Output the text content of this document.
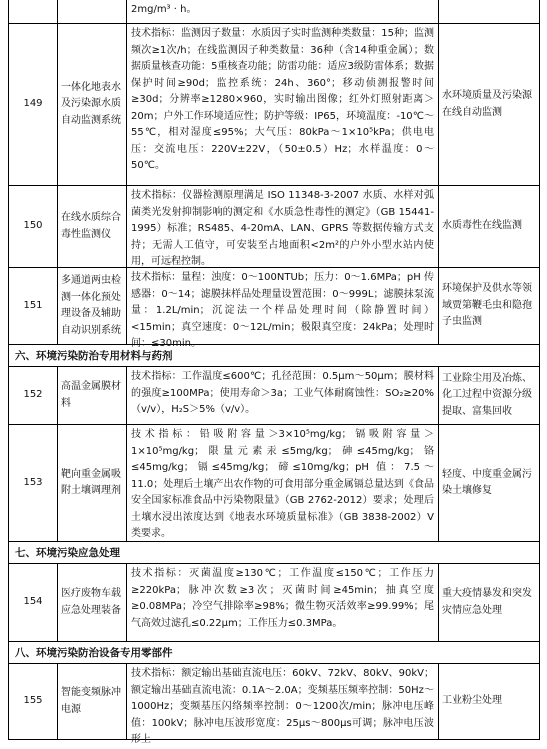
2mg/m³ · h。
149
一体化地表水及污染源水质自动监测系统
技术指标：监测因子数量：水质因子实时监测种类数量：15种；监测频次≥1次/h；在线监测因子种类数量：36种（含14种重金属）；数据质量核查功能：5重核查功能；防雷功能：适应3级防雷体系；数据保护时间≥90d；监控系统：24h、360°；移动侦测报警时间≥30d；分辨率≥1280×960，实时输出图像；红外灯照射距离＞20m；户外工作环境适应性；防护等级：IP65，环境温度：-10℃～55℃，相对湿度≤95%；大气压：80kPa～1×10⁵kPa；供电电压：交流电压：220V±22V，（50±0.5）Hz；水样温度：0～50℃。
水环境质量及污染源在线自动监测
150
在线水质综合毒性监测仪
技术指标：仪器检测原理满足 ISO 11348-3-2007 水质、水样对弧菌类光发射抑制影响的测定和《水质急性毒性的测定》（GB 15441-1995）标准；RS485、4-20mA、LAN、GPRS 等数据传输方式支持；无需人工值守，可安装至占地面积<2m²的户外小型水站内使用，可远程控制。
水质毒性在线监测
151
多通道两虫检测一体化预处理设备及辅助自动识别系统
技术指标：量程：浊度：0～100NTUb；压力：0～1.6MPa；pH 传感器：0～14；滤膜抹样品处理量设置范围：0～999L；滤膜抹泵流量：1.2L/min；沉淀法一个样品处理时间（除静置时间）<15min；真空速度：0～12L/min；极限真空度：24kPa；处理时间：≤30min。
环境保护及供水等领域贾第鞭毛虫和隐孢子虫监测
六、环境污染防治专用材料与药剂
152
高温金属膜材料
技术指标：工作温度≤600℃；孔径范围：0.5μm～50μm；膜材料的强度≥100MPa；使用寿命＞3a；工业气体耐腐蚀性：SO₂≥20%（v/v），H₂S＞5%（v/v）。
工业除尘用及冶炼、化工过程中资源分级提取、富集回收
153
靶向重金属吸附土壤调理剂
技术指标：铅吸附容量＞3×10⁵mg/kg；镉吸附容量＞1×10⁵mg/kg；限量元素汞≤5mg/kg；砷≤45mg/kg；铬≤45mg/kg；镉≤45mg/kg；碲≤10mg/kg；pH 值：7.5～11.0；处理后土壤产出农作物的可食用部分重金属镉总量达到《食品安全国家标准食品中污染物限量》（GB 2762-2012）要求；处理后土壤水浸出浓度达到《地表水环境质量标准》（GB 3838-2002）V 类要求。
轻度、中度重金属污染土壤修复
七、环境污染应急处理
154
医疗废物车载应急处理装备
技术指标：灭菌温度≥130℃；工作温度≤150℃；工作压力≥220kPa；脉冲次数≥3次；灭菌时间≥45min；抽真空度≥0.08MPa；冷空气排除率≥98%；微生物灭活效率≥99.99%；尾气高效过滤孔≤0.22μm；工作压力≤0.3MPa。
重大疫情暴发和突发灾情应急处理
八、环境污染防治设备专用零部件
155
智能变频脉冲电源
技术指标：额定输出基础直流电压：60kV、72kV、80kV、90kV；额定输出基础直流电流：0.1A～2.0A；变频基压频率控制：50Hz～1000Hz；变频基压闪络频率控制：0～1200次/min；脉冲电压峰值：100kV；脉冲电压波形宽度：25μs～800μs可调；脉冲电压波形上
工业粉尘处理
